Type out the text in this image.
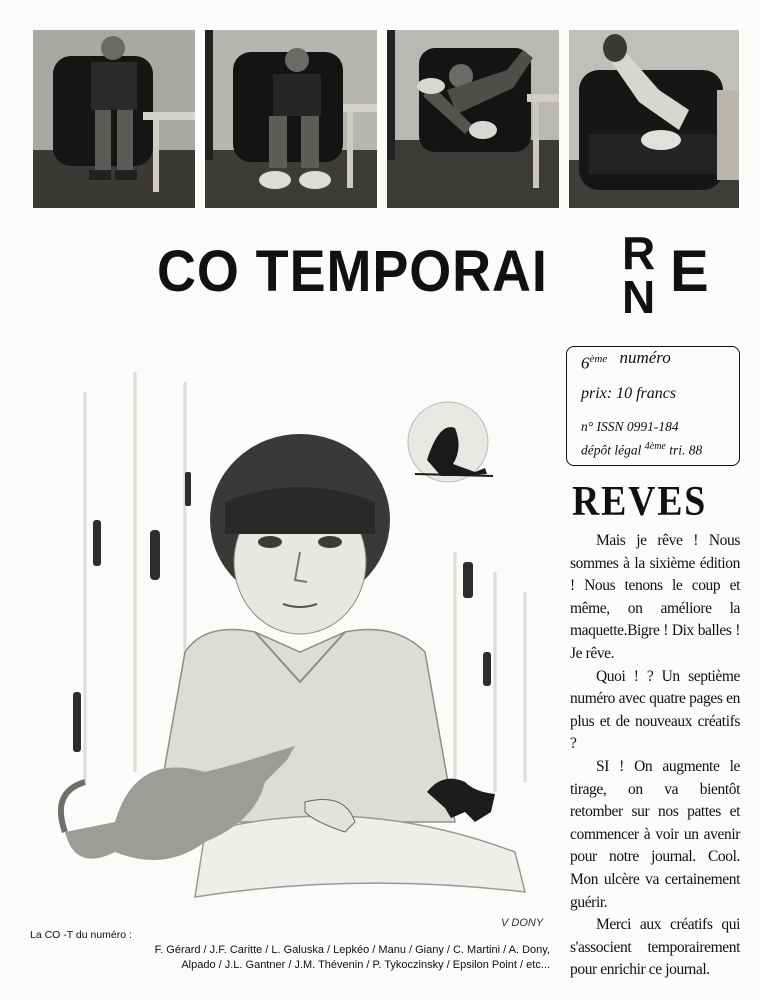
CO TEMPORAI R
N E
6ème numéro
prix: 10 francs
n° ISSN 0991-184
dépôt légal $^{4ème}$ tri. 88
V DONY
REVES

Mais je rêve ! Nous sommes à la sixième édition ! Nous tenons le coup et même, on améliore la maquette.Bigre ! Dix balles ! Je rêve.

Quoi ! ? Un septième numéro avec quatre pages en plus et de nouveaux créatifs ?

SI ! On augmente le tirage, on va bientôt retomber sur nos pattes et commencer à voir un avenir pour notre journal. Cool. Mon ulcère va certainement guérir.

Merci aux créatifs qui s'associent temporairement pour enrichir ce journal.

La CO -T du numéro :
F. Gérard / J.F. Caritte / L. Galuska / Lepkéo / Manu / Giany / C. Martini / A. Dony,
Alpado / J.L. Gantner / J.M. Thévenin / P. Tykoczinsky / Epsilon Point / etc...
